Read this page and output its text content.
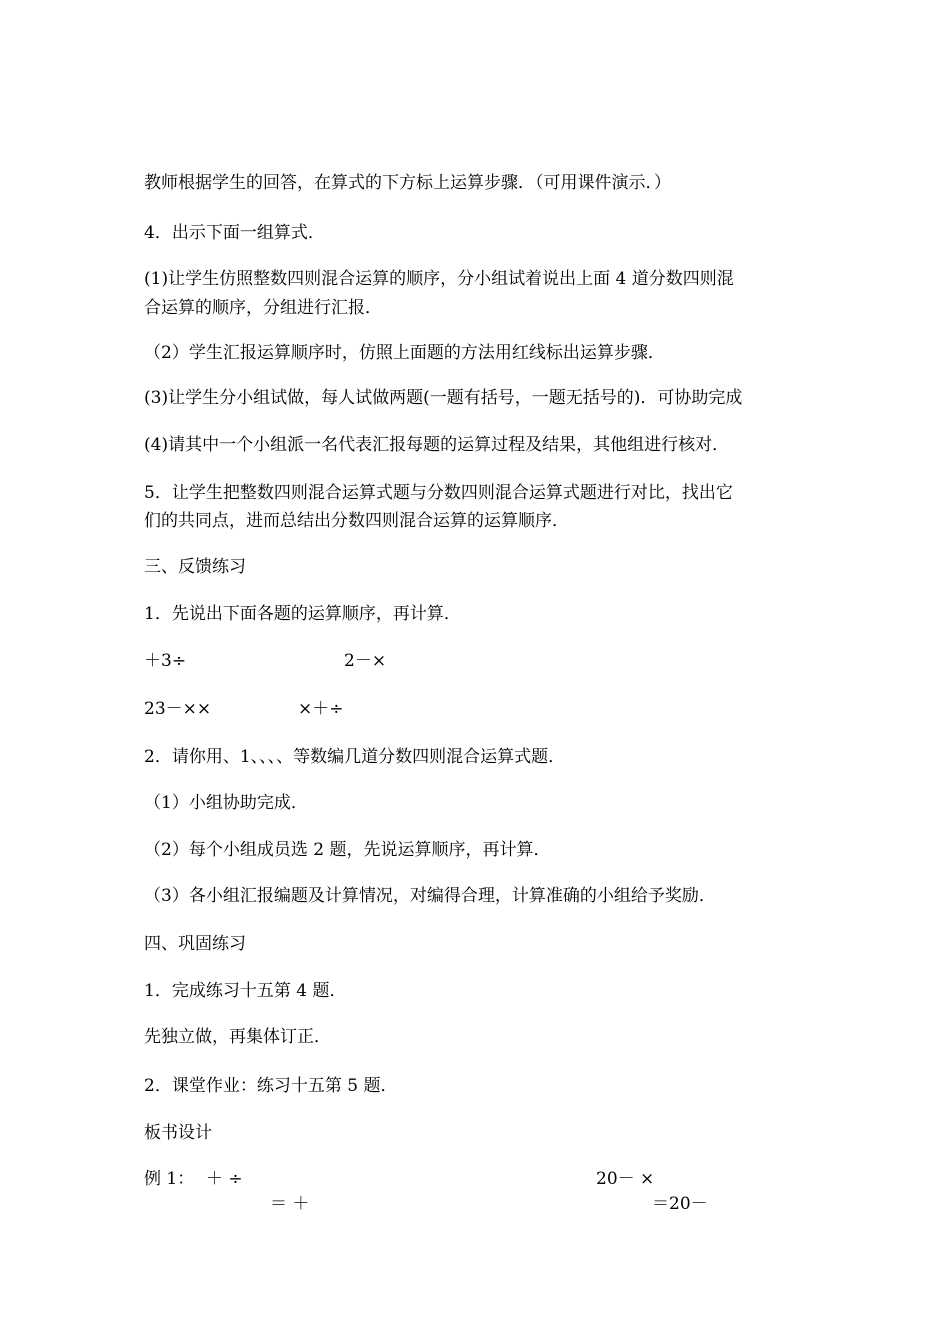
教师根据学生的回答，在算式的下方标上运算步骤．（可用课件演示．）

4．出示下面一组算式．

(1)让学生仿照整数四则混合运算的顺序，分小组试着说出上面 4 道分数四则混

合运算的顺序，分组进行汇报．

（2）学生汇报运算顺序时，仿照上面题的方法用红线标出运算步骤．

(3)让学生分小组试做，每人试做两题(一题有括号，一题无括号的)．可协助完成

(4)请其中一个小组派一名代表汇报每题的运算过程及结果，其他组进行核对．

5．让学生把整数四则混合运算式题与分数四则混合运算式题进行对比，找出它

们的共同点，进而总结出分数四则混合运算的运算顺序．

三、反馈练习

1．先说出下面各题的运算顺序，再计算．

＋3÷	2－×
23－××	×＋÷

2．请你用、1、、、、等数编几道分数四则混合运算式题．

（1）小组协助完成．

（2）每个小组成员选 2 题，先说运算顺序，再计算．

（3）各小组汇报编题及计算情况，对编得合理，计算准确的小组给予奖励．

四、巩固练习

1．完成练习十五第 4 题．

先独立做，再集体订正．

2．课堂作业：练习十五第 5 题．

板书设计

例 1： ＋ ÷
＝ ＋
20－ ×
＝20－
